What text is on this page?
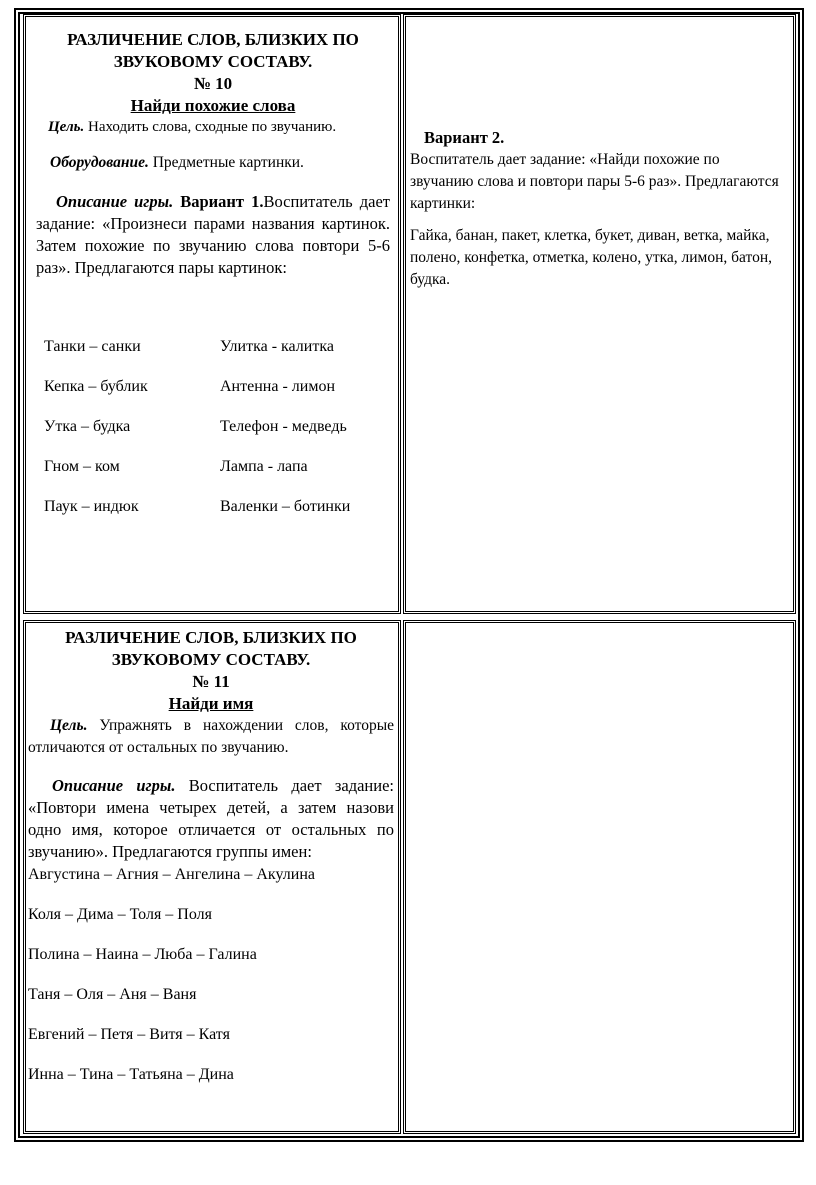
РАЗЛИЧЕНИЕ СЛОВ, БЛИЗКИХ ПО

ЗВУКОВОМУ СОСТАВУ.

№ 10

Найди похожие слова

Цель. Находить слова, сходные по звучанию.

Оборудование. Предметные картинки.

Описание игры. Вариант 1.Воспитатель дает задание: «Произнеси парами названия картинок. Затем похожие по звучанию слова повтори 5-6 раз». Предлагаются пары картинок:

Танки – санки	Улитка - калитка
Кепка – бублик	Антенна - лимон
Утка – будка	Телефон - медведь
Гном – ком	Лампа - лапа
Паук – индюк	Валенки – ботинки

Вариант 2.

Воспитатель дает задание: «Найди похожие по звучанию слова и повтори пары 5-6 раз». Предлагаются картинки:

Гайка, банан, пакет, клетка, букет, диван, ветка, майка, полено, конфетка, отметка, колено, утка, лимон, батон, будка.

РАЗЛИЧЕНИЕ СЛОВ, БЛИЗКИХ ПО

ЗВУКОВОМУ СОСТАВУ.

№ 11

Найди имя

Цель. Упражнять в нахождении слов, которые отличаются от остальных по звучанию.

Описание игры. Воспитатель дает задание: «Повтори имена четырех детей, а затем назови одно имя, которое отличается от остальных по звучанию». Предлагаются группы имен:

Августина – Агния – Ангелина – Акулина
Коля – Дима – Толя – Поля
Полина – Наина – Люба – Галина
Таня – Оля – Аня – Ваня
Евгений – Петя – Витя – Катя
Инна – Тина – Татьяна – Дина
